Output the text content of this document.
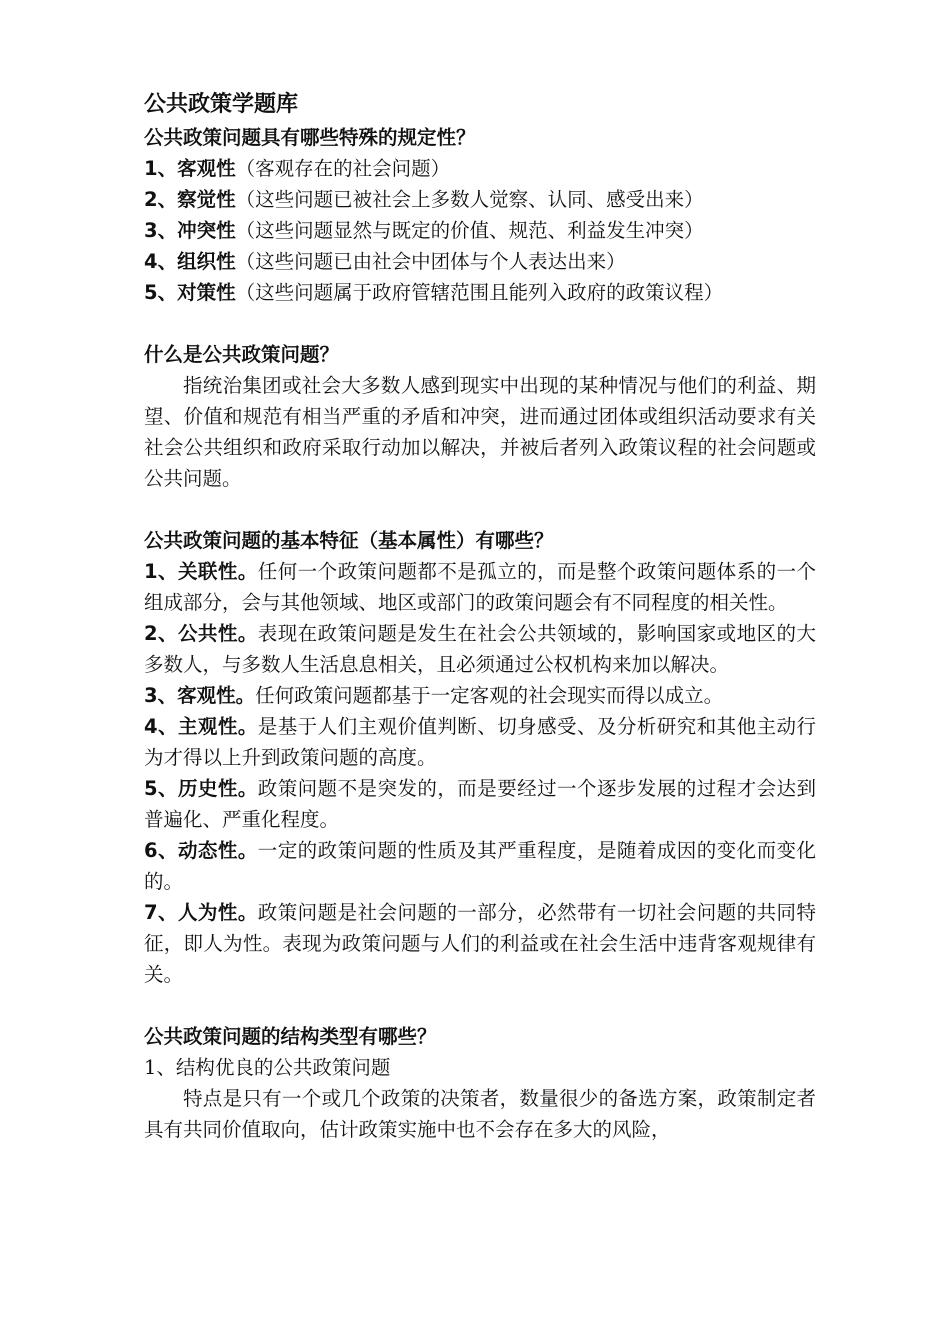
公共政策学题库
公共政策问题具有哪些特殊的规定性？
1、客观性（客观存在的社会问题）
2、察觉性（这些问题已被社会上多数人觉察、认同、感受出来）
3、冲突性（这些问题显然与既定的价值、规范、利益发生冲突）
4、组织性（这些问题已由社会中团体与个人表达出来）
5、对策性（这些问题属于政府管辖范围且能列入政府的政策议程）
什么是公共政策问题？
指统治集团或社会大多数人感到现实中出现的某种情况与他们的利益、期望、价值和规范有相当严重的矛盾和冲突，进而通过团体或组织活动要求有关社会公共组织和政府采取行动加以解决，并被后者列入政策议程的社会问题或公共问题。
公共政策问题的基本特征（基本属性）有哪些？
1、关联性。任何一个政策问题都不是孤立的，而是整个政策问题体系的一个组成部分，会与其他领域、地区或部门的政策问题会有不同程度的相关性。
2、公共性。表现在政策问题是发生在社会公共领域的，影响国家或地区的大多数人，与多数人生活息息相关，且必须通过公权机构来加以解决。
3、客观性。任何政策问题都基于一定客观的社会现实而得以成立。
4、主观性。是基于人们主观价值判断、切身感受、及分析研究和其他主动行为才得以上升到政策问题的高度。
5、历史性。政策问题不是突发的，而是要经过一个逐步发展的过程才会达到普遍化、严重化程度。
6、动态性。一定的政策问题的性质及其严重程度，是随着成因的变化而变化的。
7、人为性。政策问题是社会问题的一部分，必然带有一切社会问题的共同特征，即人为性。表现为政策问题与人们的利益或在社会生活中违背客观规律有关。
公共政策问题的结构类型有哪些？
1、结构优良的公共政策问题
特点是只有一个或几个政策的决策者，数量很少的备选方案，政策制定者具有共同价值取向，估计政策实施中也不会存在多大的风险，
